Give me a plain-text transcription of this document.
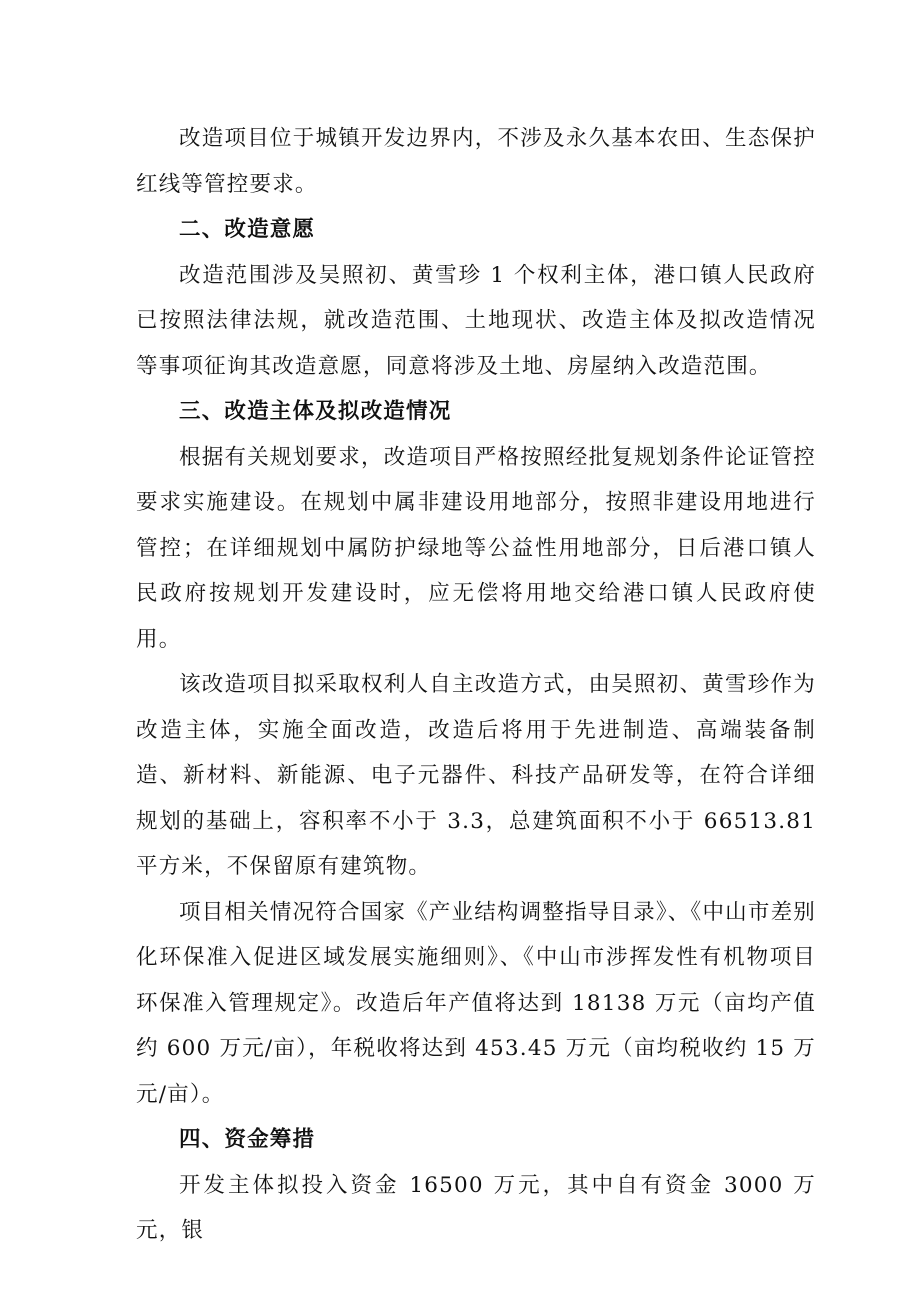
改造项目位于城镇开发边界内，不涉及永久基本农田、生态保护红线等管控要求。

二、改造意愿

改造范围涉及吴照初、黄雪珍 1 个权利主体，港口镇人民政府已按照法律法规，就改造范围、土地现状、改造主体及拟改造情况等事项征询其改造意愿，同意将涉及土地、房屋纳入改造范围。

三、改造主体及拟改造情况

根据有关规划要求，改造项目严格按照经批复规划条件论证管控要求实施建设。在规划中属非建设用地部分，按照非建设用地进行管控；在详细规划中属防护绿地等公益性用地部分，日后港口镇人民政府按规划开发建设时，应无偿将用地交给港口镇人民政府使用。

该改造项目拟采取权利人自主改造方式，由吴照初、黄雪珍作为改造主体，实施全面改造，改造后将用于先进制造、高端装备制造、新材料、新能源、电子元器件、科技产品研发等，在符合详细规划的基础上，容积率不小于 3.3，总建筑面积不小于 66513.81 平方米，不保留原有建筑物。

项目相关情况符合国家《产业结构调整指导目录》、《中山市差别化环保准入促进区域发展实施细则》、《中山市涉挥发性有机物项目环保准入管理规定》。改造后年产值将达到 18138 万元（亩均产值约 600 万元/亩），年税收将达到 453.45 万元（亩均税收约 15 万元/亩）。

四、资金筹措

开发主体拟投入资金 16500 万元，其中自有资金 3000 万元，银
